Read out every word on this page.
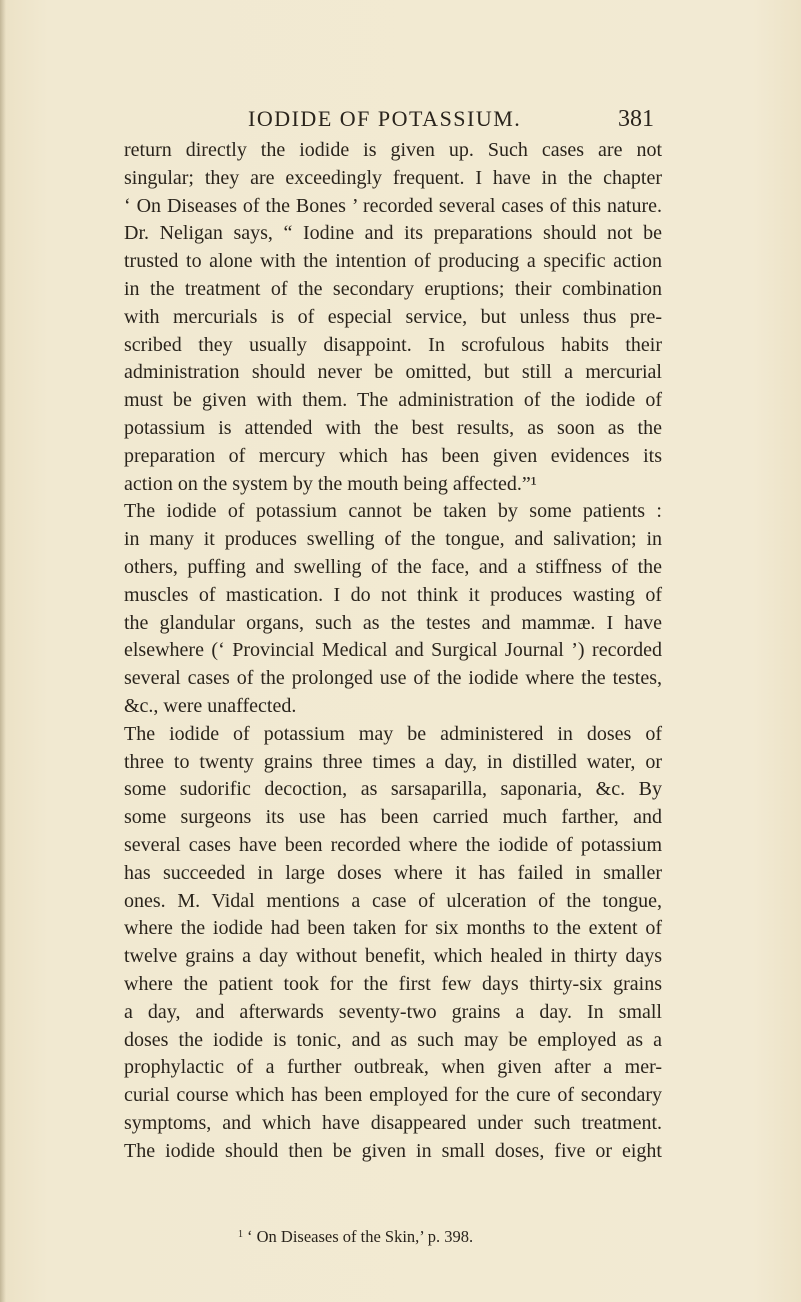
IODIDE OF POTASSIUM.	381
return directly the iodide is given up. Such cases are not
singular; they are exceedingly frequent. I have in the chapter
‘ On Diseases of the Bones ’ recorded several cases of this nature.
Dr. Neligan says, “ Iodine and its preparations should not be
trusted to alone with the intention of producing a specific action
in the treatment of the secondary eruptions; their combination
with mercurials is of especial service, but unless thus pre-
scribed they usually disappoint. In scrofulous habits their
administration should never be omitted, but still a mercurial
must be given with them. The administration of the iodide of
potassium is attended with the best results, as soon as the
preparation of mercury which has been given evidences its
action on the system by the mouth being affected.”¹
The iodide of potassium cannot be taken by some patients :
in many it produces swelling of the tongue, and salivation; in
others, puffing and swelling of the face, and a stiffness of the
muscles of mastication. I do not think it produces wasting of
the glandular organs, such as the testes and mammæ. I have
elsewhere (‘ Provincial Medical and Surgical Journal ’) recorded
several cases of the prolonged use of the iodide where the testes,
&c., were unaffected.
The iodide of potassium may be administered in doses of
three to twenty grains three times a day, in distilled water, or
some sudorific decoction, as sarsaparilla, saponaria, &c. By
some surgeons its use has been carried much farther, and
several cases have been recorded where the iodide of potassium
has succeeded in large doses where it has failed in smaller
ones. M. Vidal mentions a case of ulceration of the tongue,
where the iodide had been taken for six months to the extent of
twelve grains a day without benefit, which healed in thirty days
where the patient took for the first few days thirty-six grains
a day, and afterwards seventy-two grains a day. In small
doses the iodide is tonic, and as such may be employed as a
prophylactic of a further outbreak, when given after a mer-
curial course which has been employed for the cure of secondary
symptoms, and which have disappeared under such treatment.
The iodide should then be given in small doses, five or eight
$^1$ ‘ On Diseases of the Skin,’ p. 398.
